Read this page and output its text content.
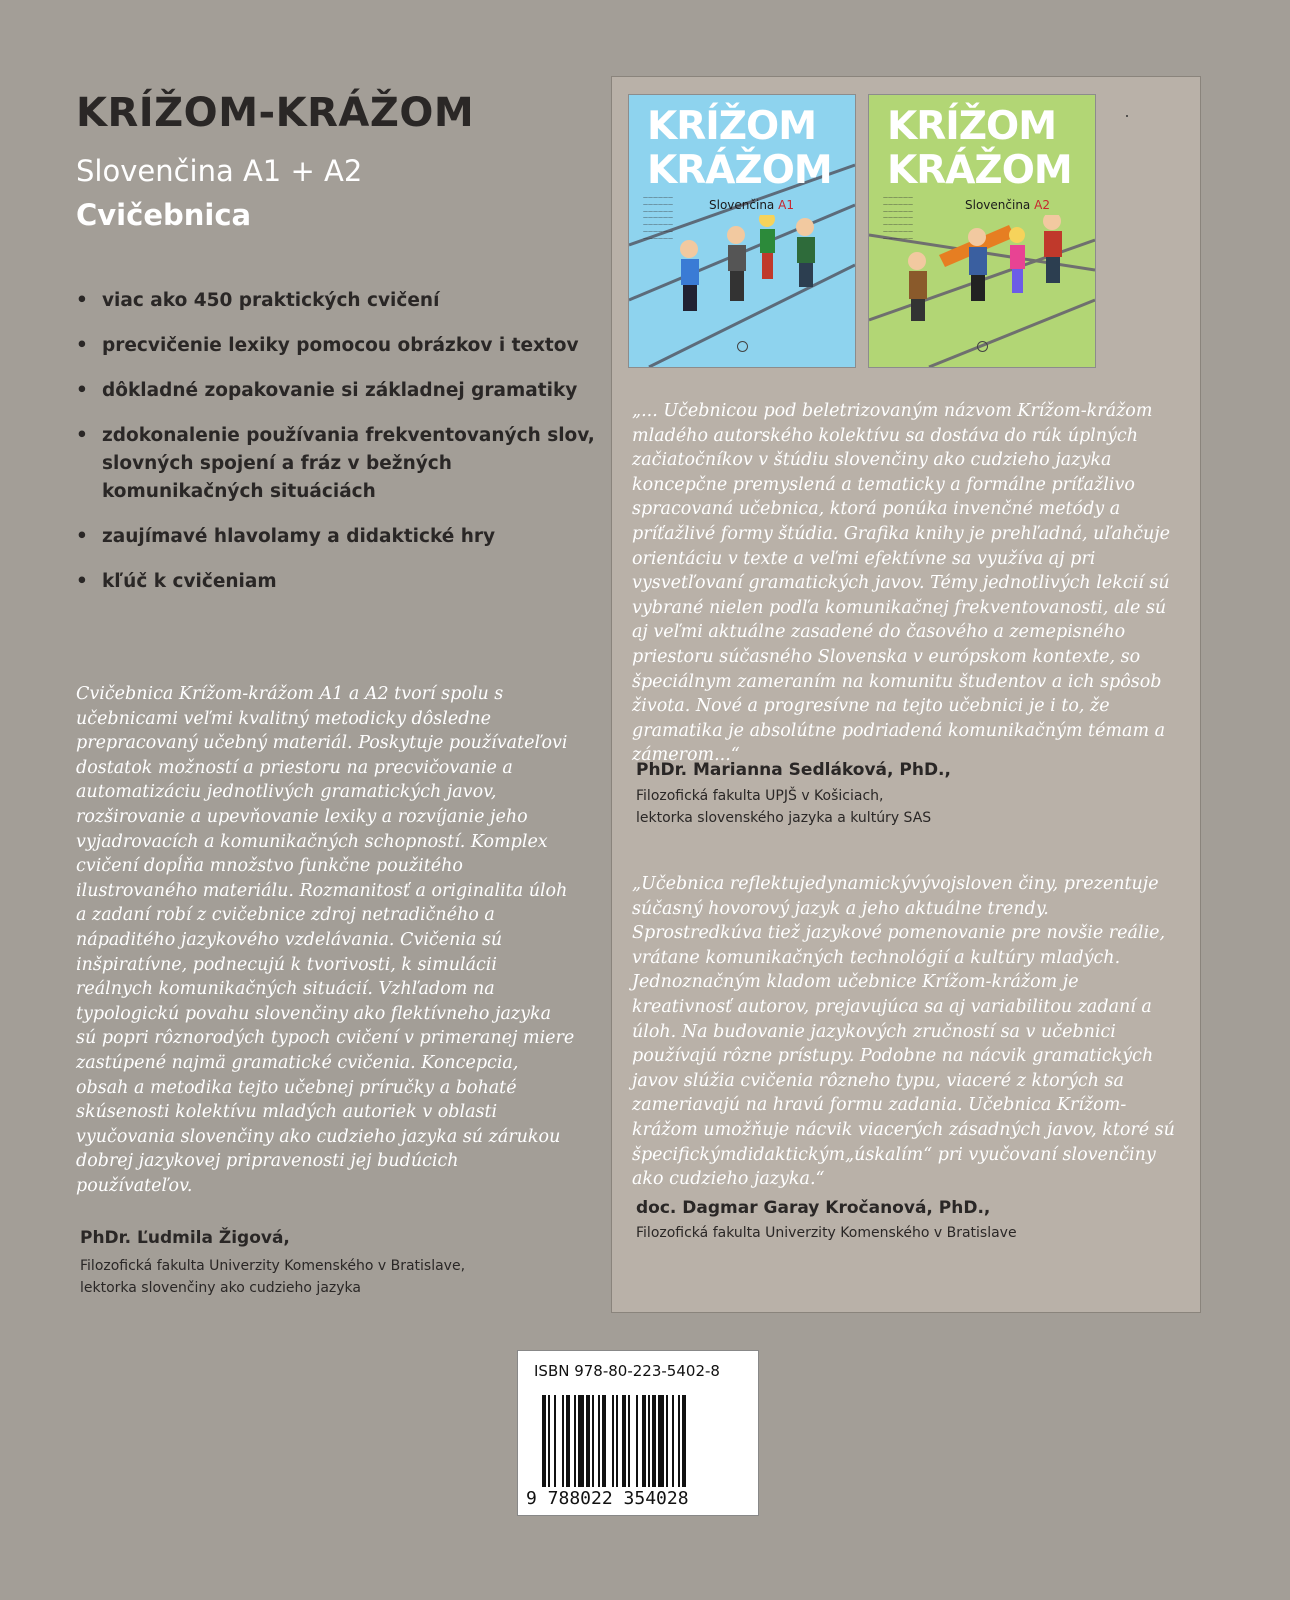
KRÍŽOM-KRÁŽOM
Slovenčina A1 + A2
Cvičebnica
• viac ako 450 praktických cvičení
• precvičenie lexiky pomocou obrázkov i textov
• dôkladné zopakovanie si základnej gramatiky
• zdokonalenie používania frekventovaných slov, slovných spojení a fráz v bežných komunikačných situáciách
• zaujímavé hlavolamy a didaktické hry
• kľúč k cvičeniam

Cvičebnica Krížom-krážom A1 a A2 tvorí spolu s učebnicami veľmi kvalitný metodicky dôsledne prepracovaný učebný materiál. Poskytuje používateľovi dostatok možností a priestoru na precvičovanie a automatizáciu jednotlivých gramatických javov, rozširovanie a upevňovanie lexiky a rozvíjanie jeho vyjadrovacích a komunikačných schopností. Komplex cvičení dopĺňa množstvo funkčne použitého ilustrovaného materiálu. Rozmanitosť a originalita úloh a zadaní robí z cvičebnice zdroj netradičného a nápaditého jazykového vzdelávania. Cvičenia sú inšpiratívne, podnecujú k tvorivosti, k simulácii reálnych komunikačných situácií. Vzhľadom na typologickú povahu slovenčiny ako flektívneho jazyka sú popri rôznorodých typoch cvičení v primeranej miere zastúpené najmä gramatické cvičenia. Koncepcia, obsah a metodika tejto učebnej príručky a bohaté skúsenosti kolektívu mladých autoriek v oblasti vyučovania slovenčiny ako cudzieho jazyka sú zárukou dobrej jazykovej pripravenosti jej budúcich používateľov.

PhDr. Ľudmila Žigová,
Filozofická fakulta Univerzity Komenského v Bratislave,
lektorka slovenčiny ako cudzieho jazyka
KRÍŽOM
KRÁŽOM
——————
——————
——————
——————
——————
——————
——————
Slovenčina A1
KRÍŽOM
KRÁŽOM
——————
——————
——————
——————
——————
——————
——————
Slovenčina A2

„... Učebnicou pod beletrizovaným názvom Krížom-krážom mladého autorského kolektívu sa dostáva do rúk úplných začiatočníkov v štúdiu slovenčiny ako cudzieho jazyka koncepčne premyslená a tematicky a formálne príťažlivo spracovaná učebnica, ktorá ponúka invenčné metódy a príťažlivé formy štúdia. Grafika knihy je prehľadná, uľahčuje orientáciu v texte a veľmi efektívne sa využíva aj pri vysvetľovaní gramatických javov. Témy jednotlivých lekcií sú vybrané nielen podľa komunikačnej frekventovanosti, ale sú aj veľmi aktuálne zasadené do časového a zemepisného priestoru súčasného Slovenska v európskom kontexte, so špeciálnym zameraním na komunitu študentov a ich spôsob života. Nové a progresívne na tejto učebnici je i to, že gramatika je absolútne podriadená komunikačným témam a zámerom...“

PhDr. Marianna Sedláková, PhD.,
Filozofická fakulta UPJŠ v Košiciach,
lektorka slovenského jazyka a kultúry SAS

„Učebnica reflektujedynamickývývojsloven činy, prezentuje súčasný hovorový jazyk a jeho aktuálne trendy. Sprostredkúva tiež jazykové pomenovanie pre novšie reálie, vrátane komunikačných technológií a kultúry mladých. Jednoznačným kladom učebnice Krížom-krážom je kreativnosť autorov, prejavujúca sa aj variabilitou zadaní a úloh. Na budovanie jazykových zručností sa v učebnici používajú rôzne prístupy. Podobne na nácvik gramatických javov slúžia cvičenia rôzneho typu, viaceré z ktorých sa zameriavajú na hravú formu zadania. Učebnica Krížom-krážom umožňuje nácvik viacerých zásadných javov, ktoré sú špecifickýmdidaktickým„úskalím“ pri vyučovaní slovenčiny ako cudzieho jazyka.“

doc. Dagmar Garay Kročanová, PhD.,
Filozofická fakulta Univerzity Komenského v Bratislave
ISBN 978-80-223-5402-8
9 788022 354028
